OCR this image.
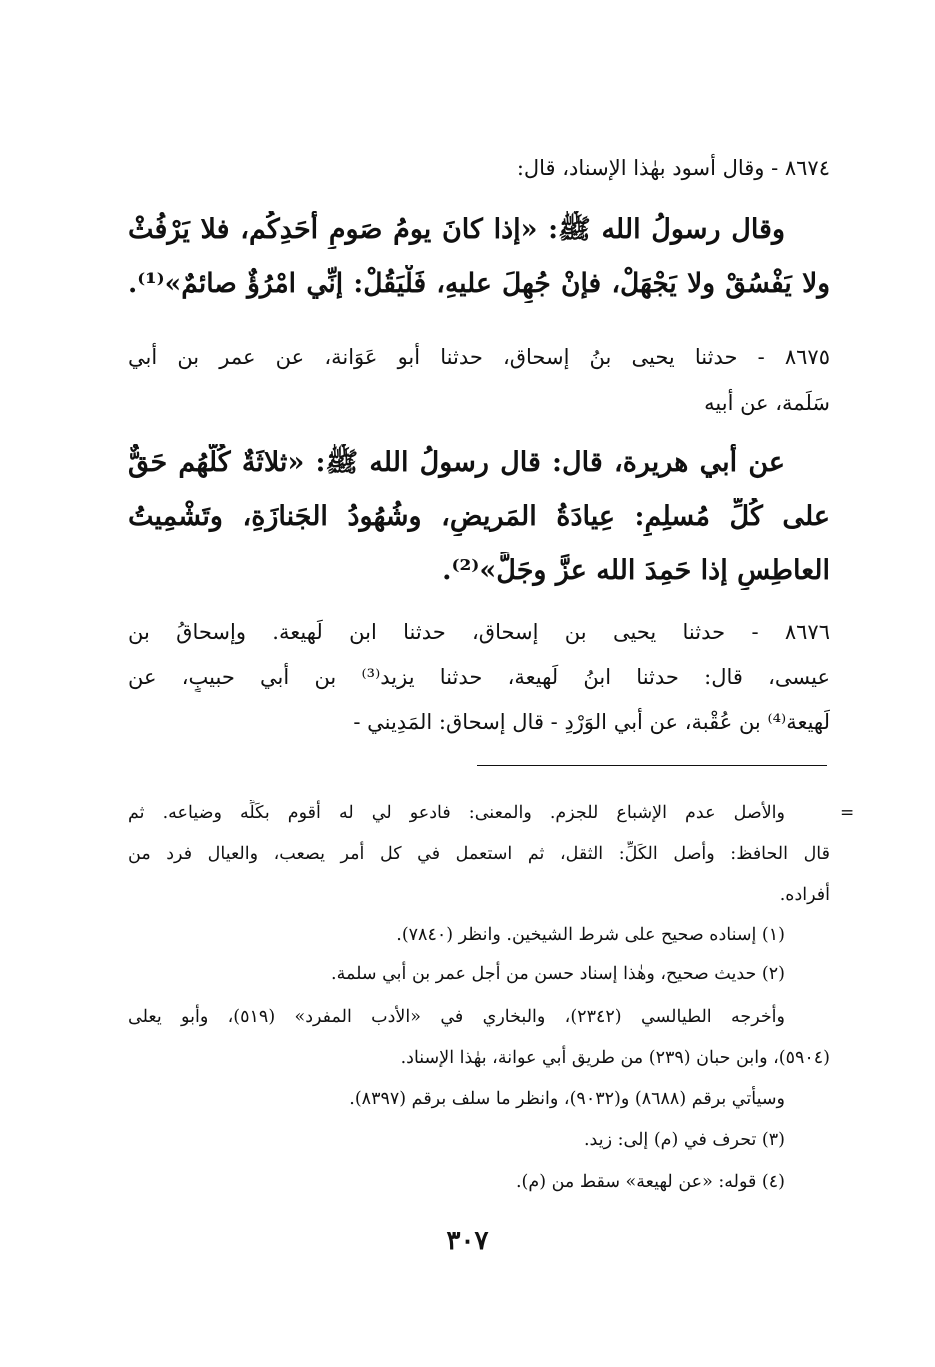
٨٦٧٤ - وقال أسود بهٰذا الإسناد، قال:
وقال رسولُ الله ﷺ: «إذا كانَ يومُ صَومِ أَحَدِكُم، فلا يَرْفُثْ
ولا يَفْسُقْ ولا يَجْهَلْ، فإنْ جُهِلَ عليهِ، فَلْيَقُلْ: إنِّي امْرُؤٌ صائمٌ»⁽¹⁾.
٨٦٧٥ - حدثنا يحيى بنُ إسحاق، حدثنا أبو عَوَانة، عن عمر بن أبي
سَلَمة، عن أبيه
عن أبي هريرة، قال: قال رسولُ الله ﷺ: «ثلاثَةٌ كُلُّهُم حَقٌّ
على كُلِّ مُسلِمٍ: عِيادَةُ المَريضِ، وشُهُودُ الجَنازَةِ، وتَشْمِيتُ
العاطِسِ إذا حَمِدَ الله عزَّ وجَلَّ»⁽²⁾.
٨٦٧٦ - حدثنا يحيى بن إسحاق، حدثنا ابن لَهيعة. وإسحاقُ بن
عيسى، قال: حدثنا ابنُ لَهيعة، حدثنا يزيد⁽³⁾ بن أبي حبيبٍ، عن
لَهيعة⁽⁴⁾ بن عُقْبة، عن أبي الوَرْدِ - قال إسحاق: المَدِيني -
=
والأصل عدم الإشباع للجزم. والمعنى: فادعو لي له أقوم بكَلِّه وضياعه. ثم
قال الحافظ: وأصل الكَلِّ: الثقل، ثم استعمل في كل أمر يصعب، والعيال فرد من
أفراده.
(١) إسناده صحيح على شرط الشيخين. وانظر (٧٨٤٠).
(٢) حديث صحيح، وهٰذا إسناد حسن من أجل عمر بن أبي سلمة.
وأخرجه الطيالسي (٢٣٤٢)، والبخاري في «الأدب المفرد» (٥١٩)، وأبو يعلى
(٥٩٠٤)، وابن حبان (٢٣٩) من طريق أبي عوانة، بهٰذا الإسناد.
وسيأتي برقم (٨٦٨٨) و(٩٠٣٢)، وانظر ما سلف برقم (٨٣٩٧).
(٣) تحرف في (م) إلى: زيد.
(٤) قوله: «عن لهيعة» سقط من (م).
٣٠٧
